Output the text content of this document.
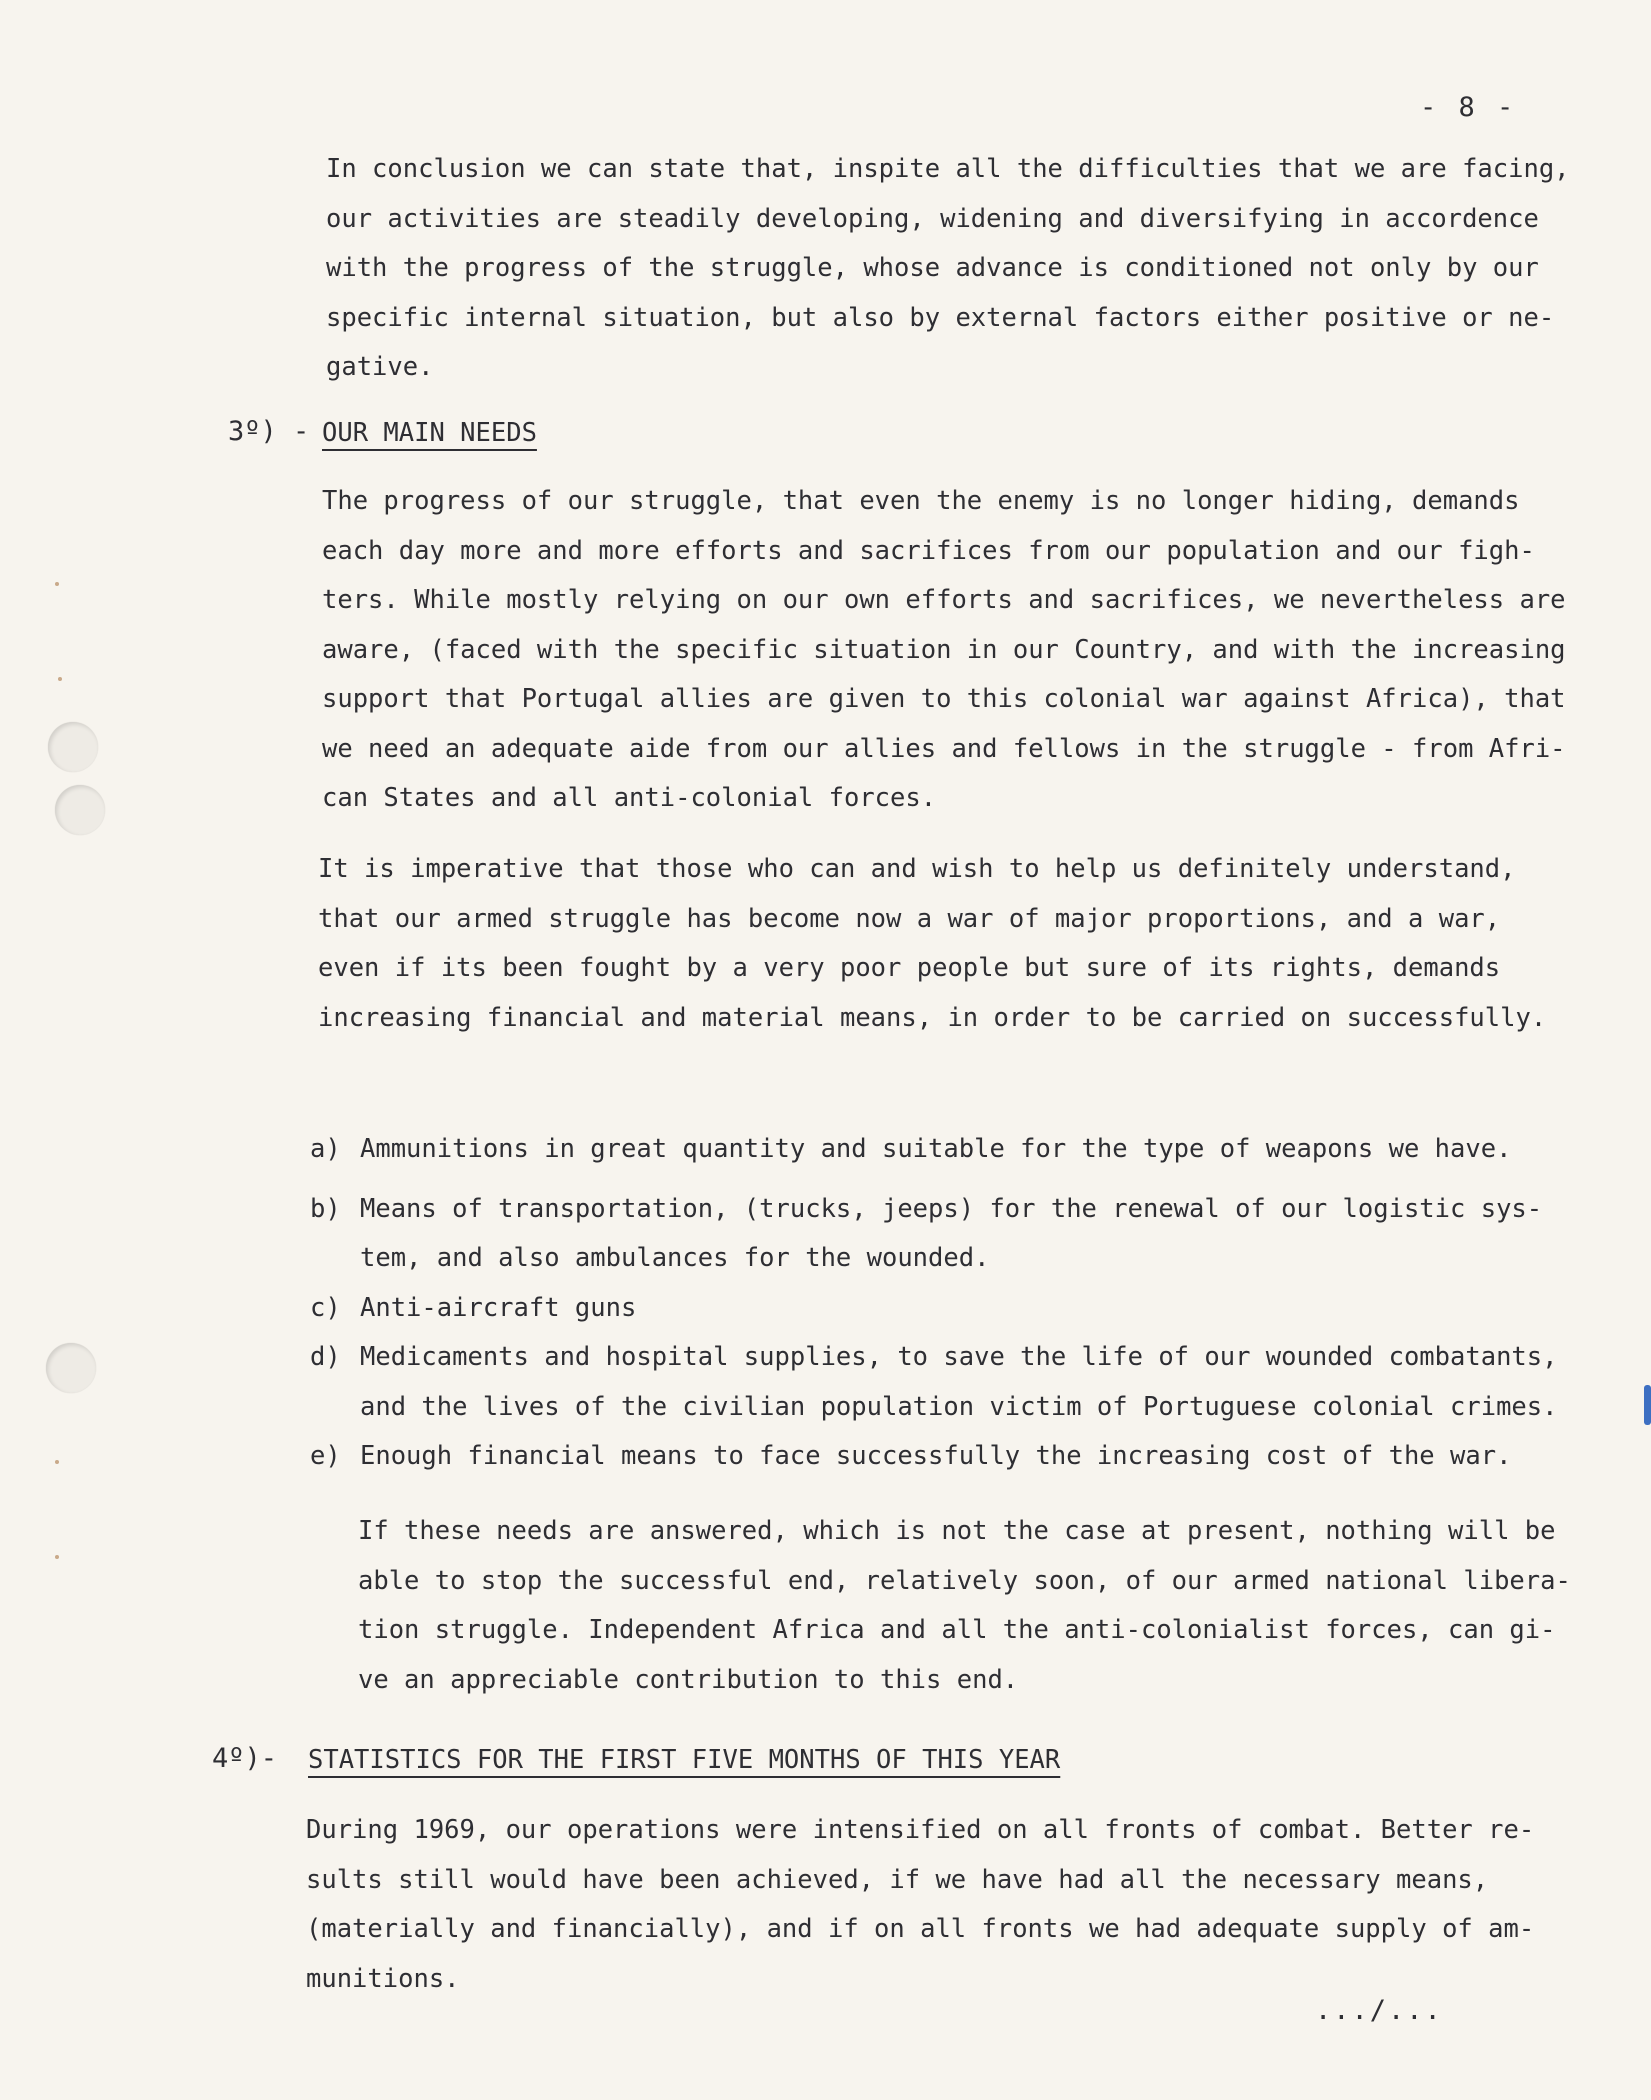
- 8 -

In conclusion we can state that, inspite all the difficulties that we are facing,
our activities are steadily developing, widening and diversifying in accordence
with the progress of the struggle, whose advance is conditioned not only by our
specific internal situation, but also by external factors either positive or ne-
gative.

3º) - OUR MAIN NEEDS

The progress of our struggle, that even the enemy is no longer hiding, demands
each day more and more efforts and sacrifices from our population and our figh-
ters. While mostly relying on our own efforts and sacrifices, we nevertheless are
aware, (faced with the specific situation in our Country, and with the increasing
support that Portugal allies are given to this colonial war against Africa), that
we need an adequate aide from our allies and fellows in the struggle - from Afri-
can States and all anti-colonial forces.

It is imperative that those who can and wish to help us definitely understand,
that our armed struggle has become now a war of major proportions, and a war,
even if its been fought by a very poor people but sure of its rights, demands
increasing financial and material means, in order to be carried on successfully.

a) Ammunitions in great quantity and suitable for the type of weapons we have.
b) Means of transportation, (trucks, jeeps) for the renewal of our logistic sys-
tem, and also ambulances for the wounded.
c) Anti-aircraft guns
d) Medicaments and hospital supplies, to save the life of our wounded combatants,
and the lives of the civilian population victim of Portuguese colonial crimes.
e) Enough financial means to face successfully the increasing cost of the war.

If these needs are answered, which is not the case at present, nothing will be
able to stop the successful end, relatively soon, of our armed national libera-
tion struggle. Independent Africa and all the anti-colonialist forces, can gi-
ve an appreciable contribution to this end.

4º)- STATISTICS FOR THE FIRST FIVE MONTHS OF THIS YEAR

During 1969, our operations were intensified on all fronts of combat. Better re-
sults still would have been achieved, if we have had all the necessary means,
(materially and financially), and if on all fronts we had adequate supply of am-
munitions.

.../...
